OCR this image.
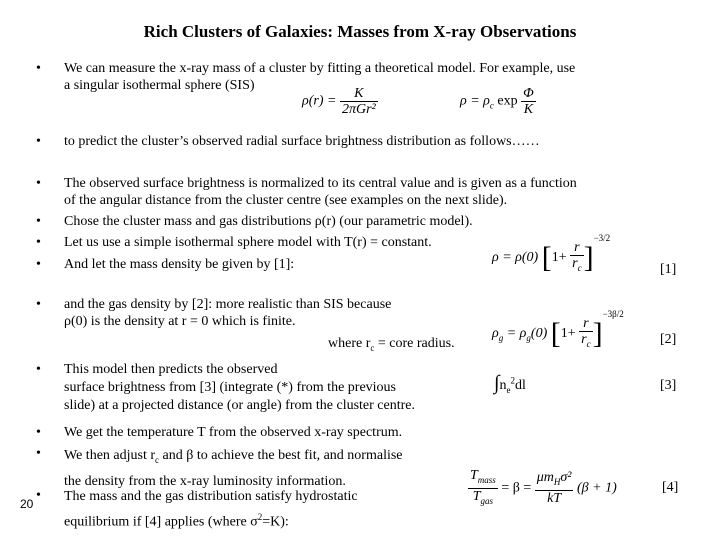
Rich Clusters of Galaxies: Masses from X-ray Observations
• We can measure the x-ray mass of a cluster by fitting a theoretical model. For example, use
a singular isothermal sphere (SIS)
$\rho(r) = \frac{K}{\text{2πGr²}}$	$\rho = \rho_c$ $\exp \frac{\Phi}{K}$
• to predict the cluster’s observed radial surface brightness distribution as follows……
• The observed surface brightness is normalized to its central value and is given as a function
of the angular distance from the cluster centre (see examples on the next slide).
• Chose the cluster mass and gas distributions ρ(r) (our parametric model).
• Let us use a simple isothermal sphere model with T(r) = constant.
• And let the mass density be given by [1]:	ρ = ρ(0) $[1+ \frac{r}{r_c} ]^{-3/2}$
[1]
• and the gas density by [2]: more realistic than SIS because
ρ(0) is the density at r = 0 which is finite.
where $r_c$ = core radius.
$\rho_g = \rho_g(0)$ $[1+ \frac{r}{r_c} ]^{-3\beta/2}$
[2]
• This model then predicts the observed
surface brightness from [3] (integrate (*) from the previous
slide) at a projected distance (or angle) from the cluster centre.
$\int n_e^2dl$	[3]
• We get the temperature T from the observed x-ray spectrum.
• We then adjust $r_c$ and β to achieve the best fit, and normalise
the density from the x-ray luminosity information.
• The mass and the gas distribution satisfy hydrostatic
equilibrium if [4] applies (where $\sigma^2=K$):
$\frac{T_{mass}}{T_{gas}} = \beta = \frac{\mu m_H\sigma^2}{kT} (\beta + 1)$	[4]
20
